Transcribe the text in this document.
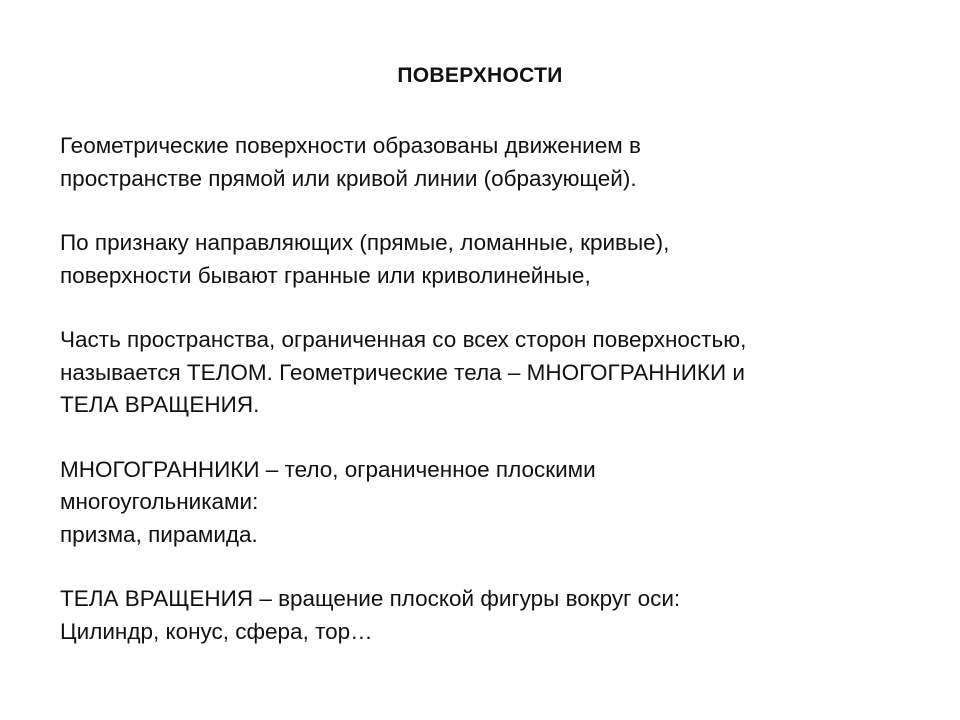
ПОВЕРХНОСТИ

Геометрические поверхности образованы движением в
пространстве прямой или кривой линии (образующей).

По признаку направляющих (прямые, ломанные, кривые),
поверхности бывают гранные или криволинейные,

Часть пространства, ограниченная со всех сторон поверхностью,
называется ТЕЛОМ. Геометрические тела – МНОГОГРАННИКИ и
ТЕЛА ВРАЩЕНИЯ.

МНОГОГРАННИКИ – тело, ограниченное плоскими
многоугольниками:
призма, пирамида.

ТЕЛА ВРАЩЕНИЯ – вращение плоской фигуры вокруг оси:
Цилиндр, конус, сфера, тор…
